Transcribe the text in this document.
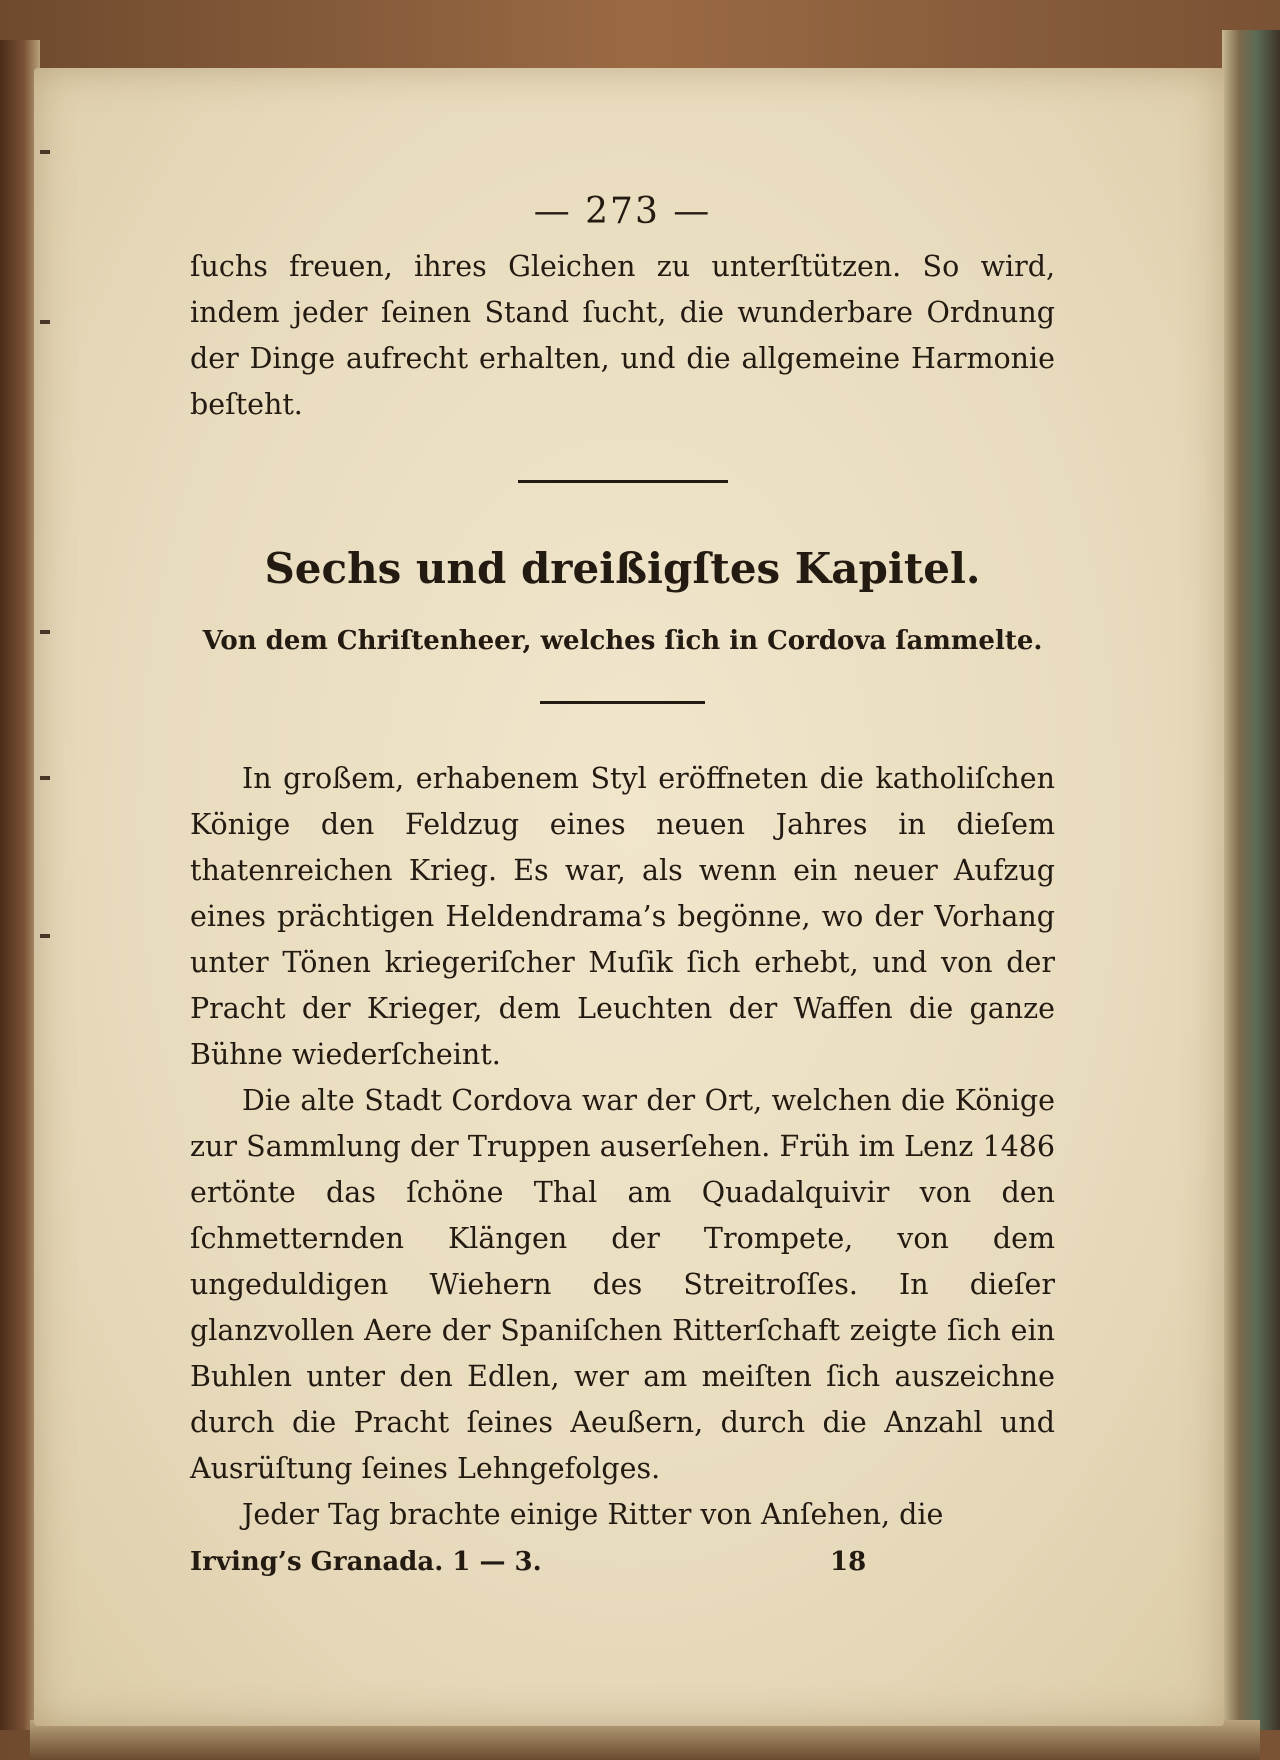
— 273 —

ſuchs freuen, ihres Gleichen zu unterſtützen. So wird, indem jeder ſeinen Stand ſucht, die wunderbare Ordnung der Dinge aufrecht erhalten, und die allgemeine Harmonie beſteht.

Sechs und dreißigſtes Kapitel.

Von dem Chriſtenheer, welches ſich in Cordova ſammelte.

In großem, erhabenem Styl eröffneten die katholiſchen Könige den Feldzug eines neuen Jahres in dieſem thatenreichen Krieg. Es war, als wenn ein neuer Aufzug eines prächtigen Heldendrama’s begönne, wo der Vorhang unter Tönen kriegeriſcher Muſik ſich erhebt, und von der Pracht der Krieger, dem Leuchten der Waffen die ganze Bühne wiederſcheint.

Die alte Stadt Cordova war der Ort, welchen die Könige zur Sammlung der Truppen auserſehen. Früh im Lenz 1486 ertönte das ſchöne Thal am Quadalquivir von den ſchmetternden Klängen der Trompete, von dem ungeduldigen Wiehern des Streitroſſes. In dieſer glanzvollen Aere der Spaniſchen Ritterſchaft zeigte ſich ein Buhlen unter den Edlen, wer am meiſten ſich auszeichne durch die Pracht ſeines Aeußern, durch die Anzahl und Ausrüſtung ſeines Lehngefolges.

Jeder Tag brachte einige Ritter von Anſehen, die

Irving’s Granada. 1 — 3.	18
